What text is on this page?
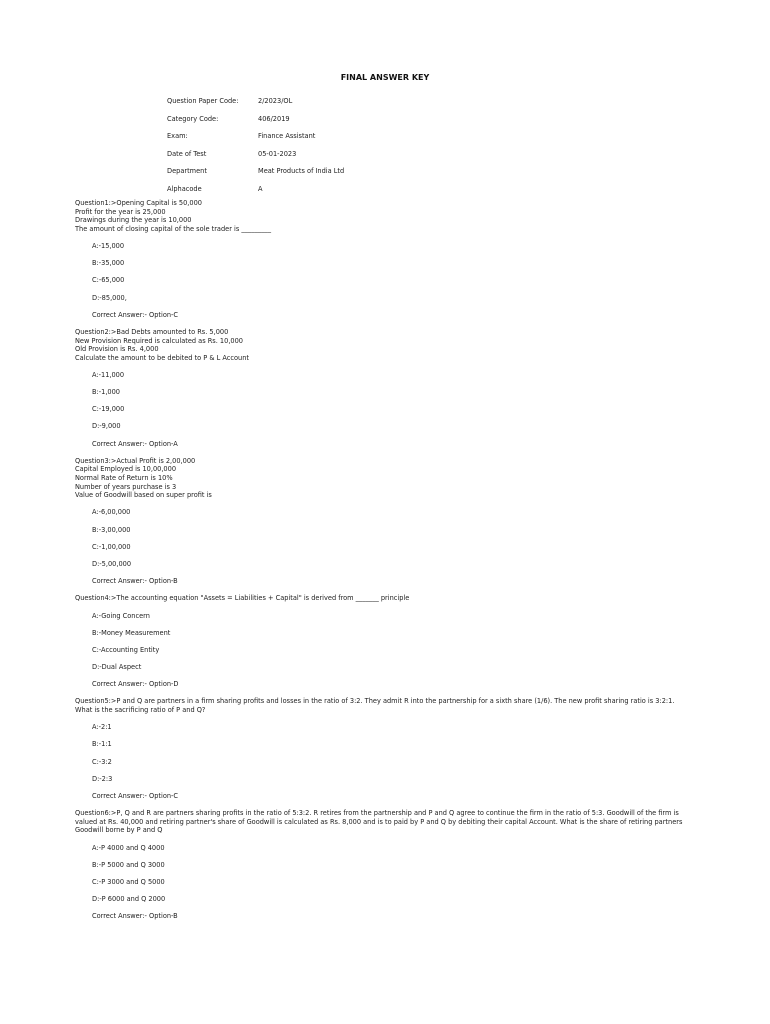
FINAL ANSWER KEY
Question Paper Code:	2/2023/OL
Category Code:	406/2019
Exam:	Finance Assistant
Date of Test	05-01-2023
Department	Meat Products of India Ltd
Alphacode	A
Question1:>Opening Capital is 50,000
Profit for the year is 25,000
Drawings during the year is 10,000
The amount of closing capital of the sole trader is _________
A:-15,000
B:-35,000
C:-65,000
D:-85,000,
Correct Answer:- Option-C
Question2:>Bad Debts amounted to Rs. 5,000
New Provision Required is calculated as Rs. 10,000
Old Provision is Rs. 4,000
Calculate the amount to be debited to P & L Account
A:-11,000
B:-1,000
C:-19,000
D:-9,000
Correct Answer:- Option-A
Question3:>Actual Profit is 2,00,000
Capital Employed is 10,00,000
Normal Rate of Return is 10%
Number of years purchase is 3
Value of Goodwill based on super profit is
A:-6,00,000
B:-3,00,000
C:-1,00,000
D:-5,00,000
Correct Answer:- Option-B
Question4:>The accounting equation "Assets = Liabilities + Capital" is derived from _______ principle
A:-Going Concern
B:-Money Measurement
C:-Accounting Entity
D:-Dual Aspect
Correct Answer:- Option-D
Question5:>P and Q are partners in a firm sharing profits and losses in the ratio of 3:2. They admit R into the partnership for a sixth share (1/6). The new profit sharing ratio is 3:2:1.
What is the sacrificing ratio of P and Q?
A:-2:1
B:-1:1
C:-3:2
D:-2:3
Correct Answer:- Option-C
Question6:>P, Q and R are partners sharing profits in the ratio of 5:3:2. R retires from the partnership and P and Q agree to continue the firm in the ratio of 5:3. Goodwill of the firm is
valued at Rs. 40,000 and retiring partner's share of Goodwill is calculated as Rs. 8,000 and is to paid by P and Q by debiting their capital Account. What is the share of retiring partners
Goodwill borne by P and Q
A:-P 4000 and Q 4000
B:-P 5000 and Q 3000
C:-P 3000 and Q 5000
D:-P 6000 and Q 2000
Correct Answer:- Option-B
